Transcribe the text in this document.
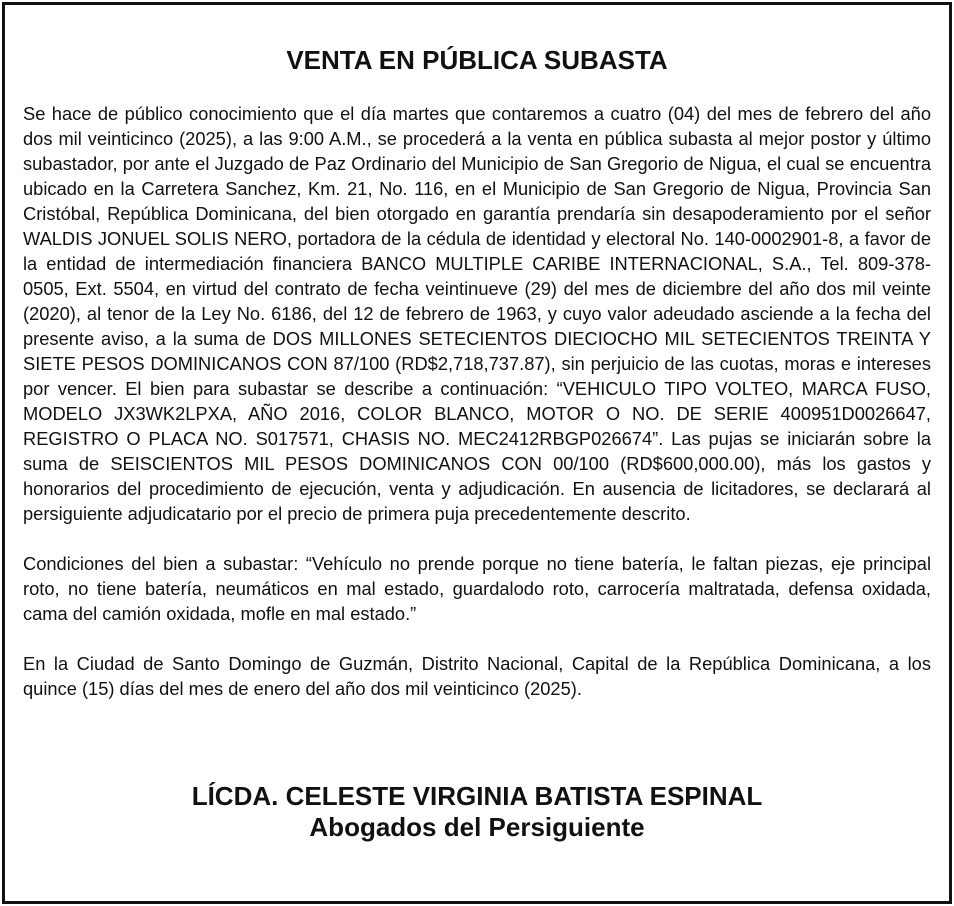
VENTA EN PÚBLICA SUBASTA

Se hace de público conocimiento que el día martes que contaremos a cuatro (04) del mes de febrero del año dos mil veinticinco (2025), a las 9:00 A.M., se procederá a la venta en pública subasta al mejor postor y último subastador, por ante el Juzgado de Paz Ordinario del Municipio de San Gregorio de Nigua, el cual se encuentra ubicado en la Carretera Sanchez, Km. 21, No. 116, en el Municipio de San Gregorio de Nigua, Provincia San Cristóbal, República Dominicana, del bien otorgado en garantía prendaría sin desapoderamiento por el señor WALDIS JONUEL SOLIS NERO, portadora de la cédula de identidad y electoral No. 140-0002901-8, a favor de la entidad de intermediación financiera BANCO MULTIPLE CARIBE INTERNACIONAL, S.A., Tel. 809-378-0505, Ext. 5504, en virtud del contrato de fecha veintinueve (29) del mes de diciembre del año dos mil veinte (2020), al tenor de la Ley No. 6186, del 12 de febrero de 1963, y cuyo valor adeudado asciende a la fecha del presente aviso, a la suma de DOS MILLONES SETECIENTOS DIECIOCHO MIL SETECIENTOS TREINTA Y SIETE PESOS DOMINICANOS CON 87/100 (RD$2,718,737.87), sin perjuicio de las cuotas, moras e intereses por vencer. El bien para subastar se describe a continuación: “VEHICULO TIPO VOLTEO, MARCA FUSO, MODELO JX3WK2LPXA, AÑO 2016, COLOR BLANCO, MOTOR O NO. DE SERIE 400951D0026647, REGISTRO O PLACA NO. S017571, CHASIS NO. MEC2412RBGP026674”. Las pujas se iniciarán sobre la suma de SEISCIENTOS MIL PESOS DOMINICANOS CON 00/100 (RD$600,000.00), más los gastos y honorarios del procedimiento de ejecución, venta y adjudicación. En ausencia de licitadores, se declarará al persiguiente adjudicatario por el precio de primera puja precedentemente descrito.

Condiciones del bien a subastar: “Vehículo no prende porque no tiene batería, le faltan piezas, eje principal roto, no tiene batería, neumáticos en mal estado, guardalodo roto, carrocería maltratada, defensa oxidada, cama del camión oxidada, mofle en mal estado.”

En la Ciudad de Santo Domingo de Guzmán, Distrito Nacional, Capital de la República Dominicana, a los quince (15) días del mes de enero del año dos mil veinticinco (2025).

LÍCDA. CELESTE VIRGINIA BATISTA ESPINAL
Abogados del Persiguiente
